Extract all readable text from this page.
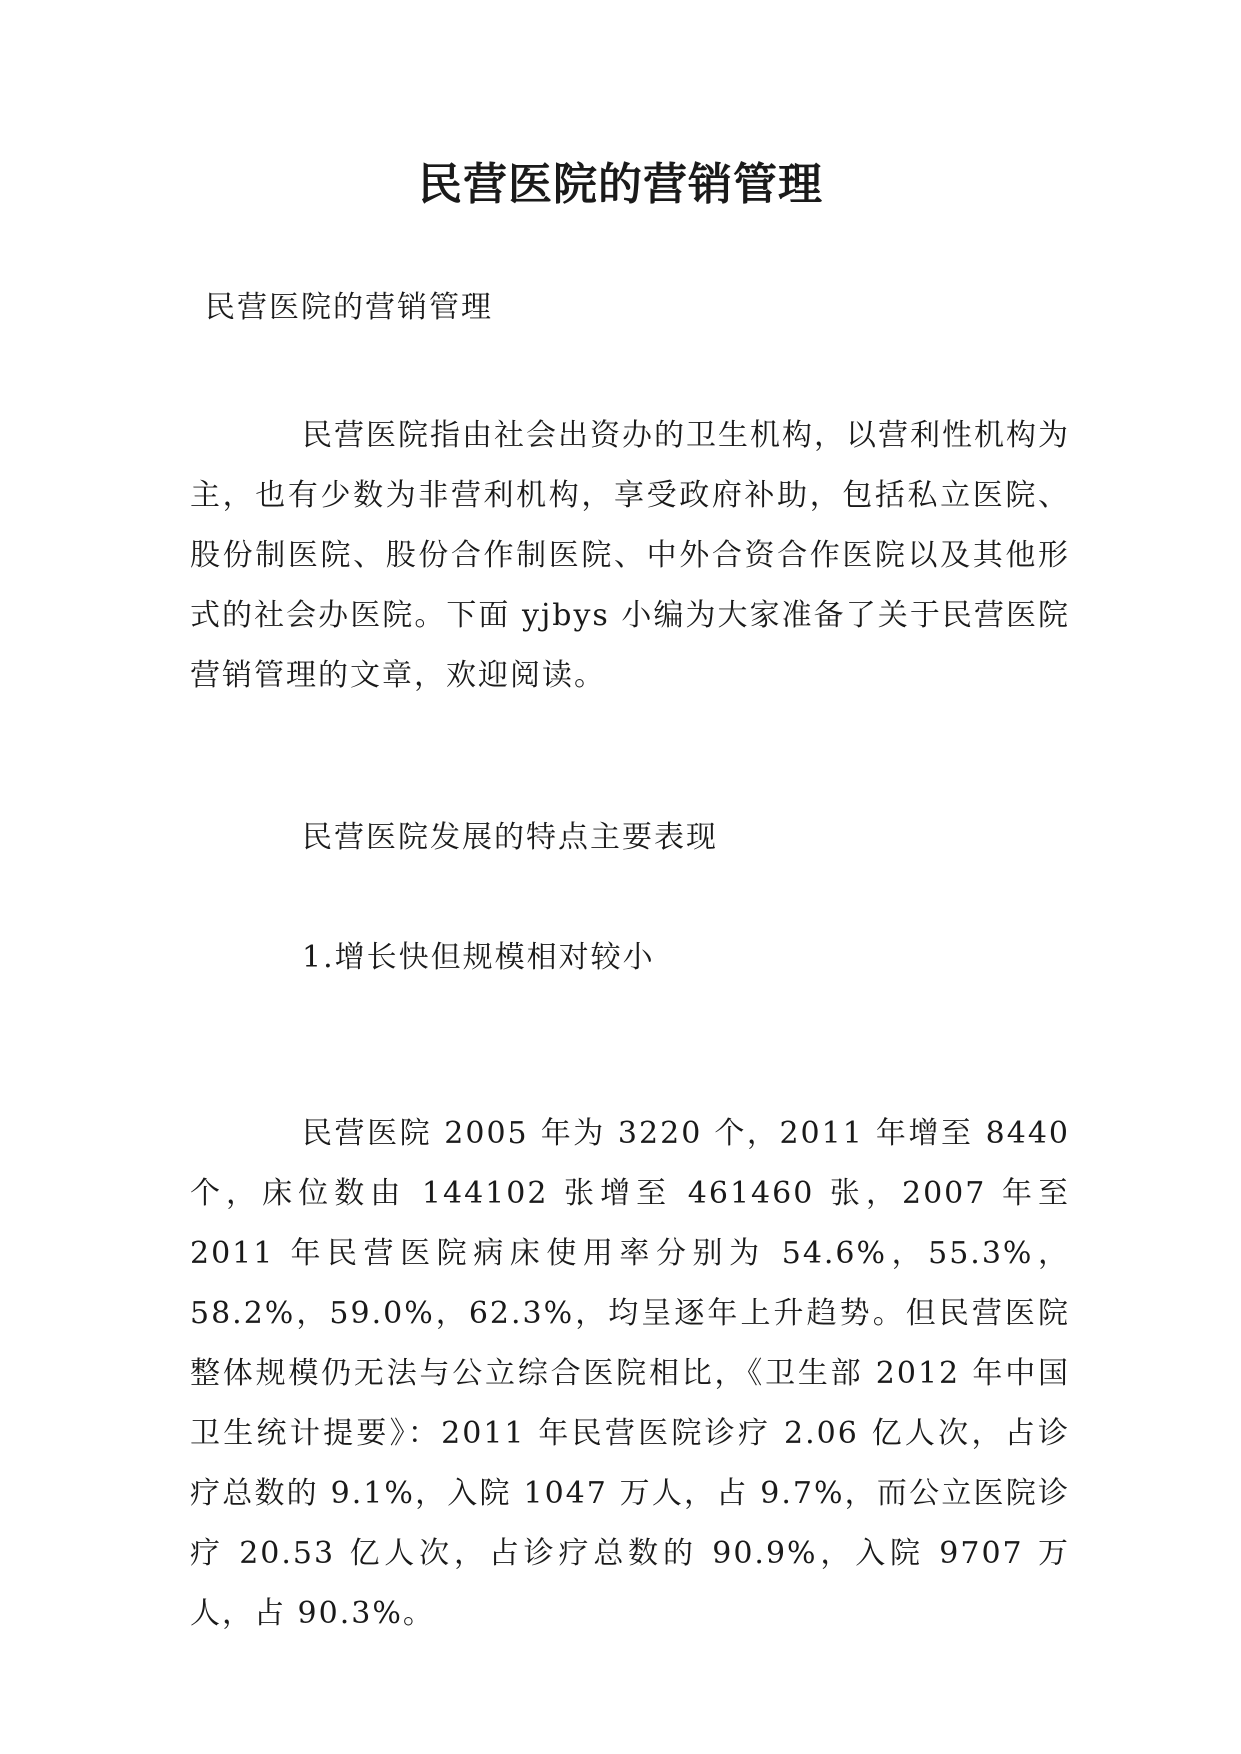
民营医院的营销管理

民营医院的营销管理

民营医院指由社会出资办的卫生机构，以营利性机构为主，也有少数为非营利机构，享受政府补助，包括私立医院、股份制医院、股份合作制医院、中外合资合作医院以及其他形式的社会办医院。下面 yjbys 小编为大家准备了关于民营医院营销管理的文章，欢迎阅读。

民营医院发展的特点主要表现

1.增长快但规模相对较小

民营医院 2005 年为 3220 个，2011 年增至 8440 个，床位数由 144102 张增至 461460 张，2007 年至 2011 年民营医院病床使用率分别为 54.6%，55.3%，58.2%，59.0%，62.3%，均呈逐年上升趋势。但民营医院整体规模仍无法与公立综合医院相比，《卫生部 2012 年中国卫生统计提要》：2011 年民营医院诊疗 2.06 亿人次，占诊疗总数的 9.1%，入院 1047 万人，占 9.7%，而公立医院诊疗 20.53 亿人次，占诊疗总数的 90.9%，入院 9707 万人，占 90.3%。
